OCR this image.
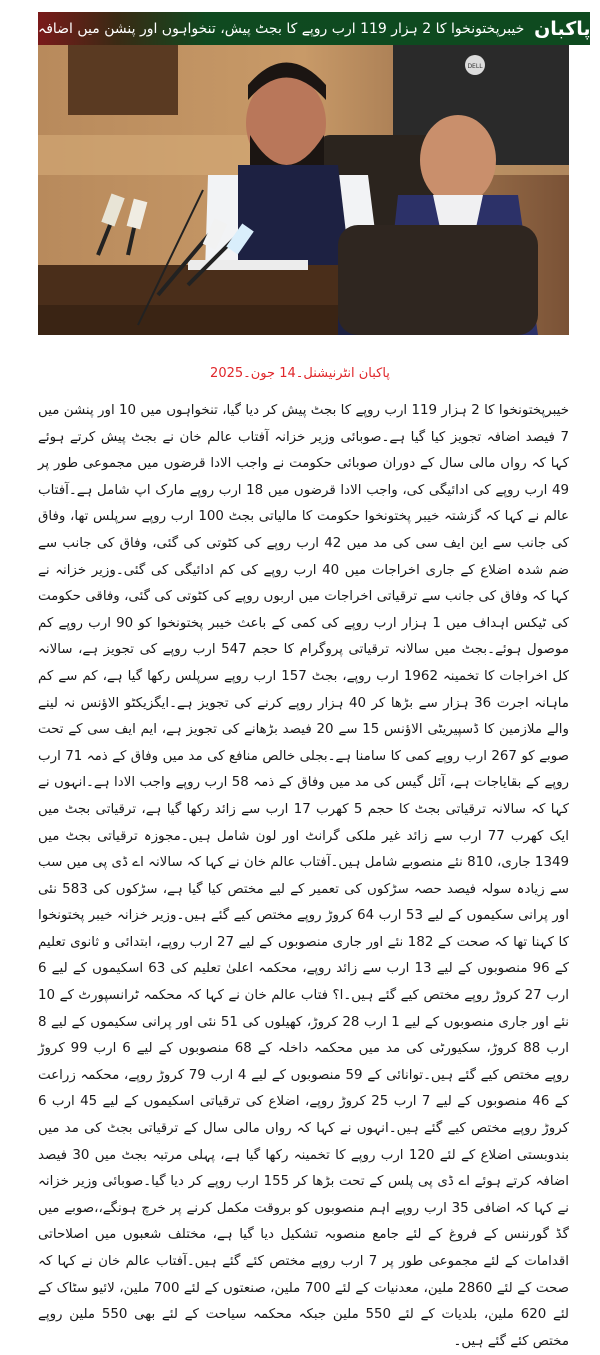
خیبرپختونخوا کا 2 ہزار 119 ارب روپے کا بجٹ پیش، تنخواہوں اور پنشن میں اضافہ پاکبان
DELL
پاکبان انٹرنیشنل۔14 جون۔2025

خیبرپختونخوا کا 2 ہزار 119 ارب روپے کا بجٹ پیش کر دیا گیا، تنخواہوں میں 10 اور پنشن میں 7 فیصد اضافہ تجویز کیا گیا ہے۔صوبائی وزیر خزانہ آفتاب عالم خان نے بجٹ پیش کرتے ہوئے کہا کہ رواں مالی سال کے دوران صوبائی حکومت نے واجب الادا قرضوں میں مجموعی طور پر 49 ارب روپے کی ادائیگی کی، واجب الادا قرضوں میں 18 ارب روپے مارک اپ شامل ہے۔آفتاب عالم نے کہا کہ گزشتہ خیبر پختونخوا حکومت کا مالیاتی بجٹ 100 ارب روپے سرپلس تھا، وفاق کی جانب سے این ایف سی کی مد میں 42 ارب روپے کی کٹوتی کی گئی، وفاق کی جانب سے ضم شدہ اضلاع کے جاری اخراجات میں 40 ارب روپے کی کم ادائیگی کی گئی۔وزیر خزانہ نے کہا کہ وفاق کی جانب سے ترقیاتی اخراجات میں اربوں روپے کی کٹوتی کی گئی، وفاقی حکومت کی ٹیکس اہداف میں 1 ہزار ارب روپے کی کمی کے باعث خیبر پختونخوا کو 90 ارب روپے کم موصول ہوئے۔بجٹ میں سالانہ ترقیاتی پروگرام کا حجم 547 ارب روپے کی تجویز ہے، سالانہ کل اخراجات کا تخمینہ 1962 ارب روپے، بجٹ 157 ارب روپے سرپلس رکھا گیا ہے، کم سے کم ماہانہ اجرت 36 ہزار سے بڑھا کر 40 ہزار روپے کرنے کی تجویز ہے۔ایگزیکٹو الاؤنس نہ لینے والے ملازمین کا ڈسپیریٹی الاؤنس 15 سے 20 فیصد بڑھانے کی تجویز ہے، ایم ایف سی کے تحت صوبے کو 267 ارب روپے کمی کا سامنا ہے۔بجلی خالص منافع کی مد میں وفاق کے ذمہ 71 ارب روپے کے بقایاجات ہے، آئل گیس کی مد میں وفاق کے ذمہ 58 ارب روپے واجب الادا ہے۔انہوں نے کہا کہ سالانہ ترقیاتی بجٹ کا حجم 5 کھرب 17 ارب سے زائد رکھا گیا ہے، ترقیاتی بجٹ میں ایک کھرب 77 ارب سے زائد غیر ملکی گرانٹ اور لون شامل ہیں۔مجوزہ ترقیاتی بجٹ میں 1349 جاری، 810 نئے منصوبے شامل ہیں۔آفتاب عالم خان نے کہا کہ سالانہ اے ڈی پی میں سب سے زیادہ سولہ فیصد حصہ سڑکوں کی تعمیر کے لیے مختص کیا گیا ہے، سڑکوں کی 583 نئی اور پرانی سکیموں کے لیے 53 ارب 64 کروڑ روپے مختص کیے گئے ہیں۔وزیر خزانہ خیبر پختونخوا کا کہنا تھا کہ صحت کے 182 نئے اور جاری منصوبوں کے لیے 27 ارب روپے، ابتدائی و ثانوی تعلیم کے 96 منصوبوں کے لیے 13 ارب سے زائد روپے، محکمہ اعلیٰ تعلیم کی 63 اسکیموں کے لیے 6 ارب 27 کروڑ روپے مختص کیے گئے ہیں۔ا؟ فتاب عالم خان نے کہا کہ محکمہ ٹرانسپورٹ کے 10 نئے اور جاری منصوبوں کے لیے 1 ارب 28 کروڑ، کھیلوں کی 51 نئی اور پرانی سکیموں کے لیے 8 ارب 88 کروڑ، سکیورٹی کی مد میں محکمہ داخلہ کے 68 منصوبوں کے لیے 6 ارب 99 کروڑ روپے مختص کیے گئے ہیں۔توانائی کے 59 منصوبوں کے لیے 4 ارب 79 کروڑ روپے، محکمہ زراعت کے 46 منصوبوں کے لیے 7 ارب 25 کروڑ روپے، اضلاع کی ترقیاتی اسکیموں کے لیے 45 ارب 6 کروڑ روپے مختص کیے گئے ہیں۔انہوں نے کہا کہ رواں مالی سال کے ترقیاتی بجٹ کی مد میں بندوبستی اضلاع کے لئے 120 ارب روپے کا تخمینہ رکھا گیا ہے، پہلی مرتبہ بجٹ میں 30 فیصد اضافہ کرتے ہوئے اے ڈی پی پلس کے تحت بڑھا کر 155 ارب روپے کر دیا گیا۔صوبائی وزیر خزانہ نے کہا کہ اضافی 35 ارب روپے اہم منصوبوں کو بروقت مکمل کرنے پر خرچ ہونگے،،صوبے میں گڈ گورننس کے فروغ کے لئے جامع منصوبہ تشکیل دیا گیا ہے، مختلف شعبوں میں اصلاحاتی اقدامات کے لئے مجموعی طور پر 7 ارب روپے مختص کئے گئے ہیں۔آفتاب عالم خان نے کہا کہ صحت کے لئے 2860 ملین، معدنیات کے لئے 700 ملین، صنعتوں کے لئے 700 ملین، لائیو سٹاک کے لئے 620 ملین، بلدیات کے لئے 550 ملین جبکہ محکمہ سیاحت کے لئے بھی 550 ملین روپے مختص کئے گئے ہیں۔
